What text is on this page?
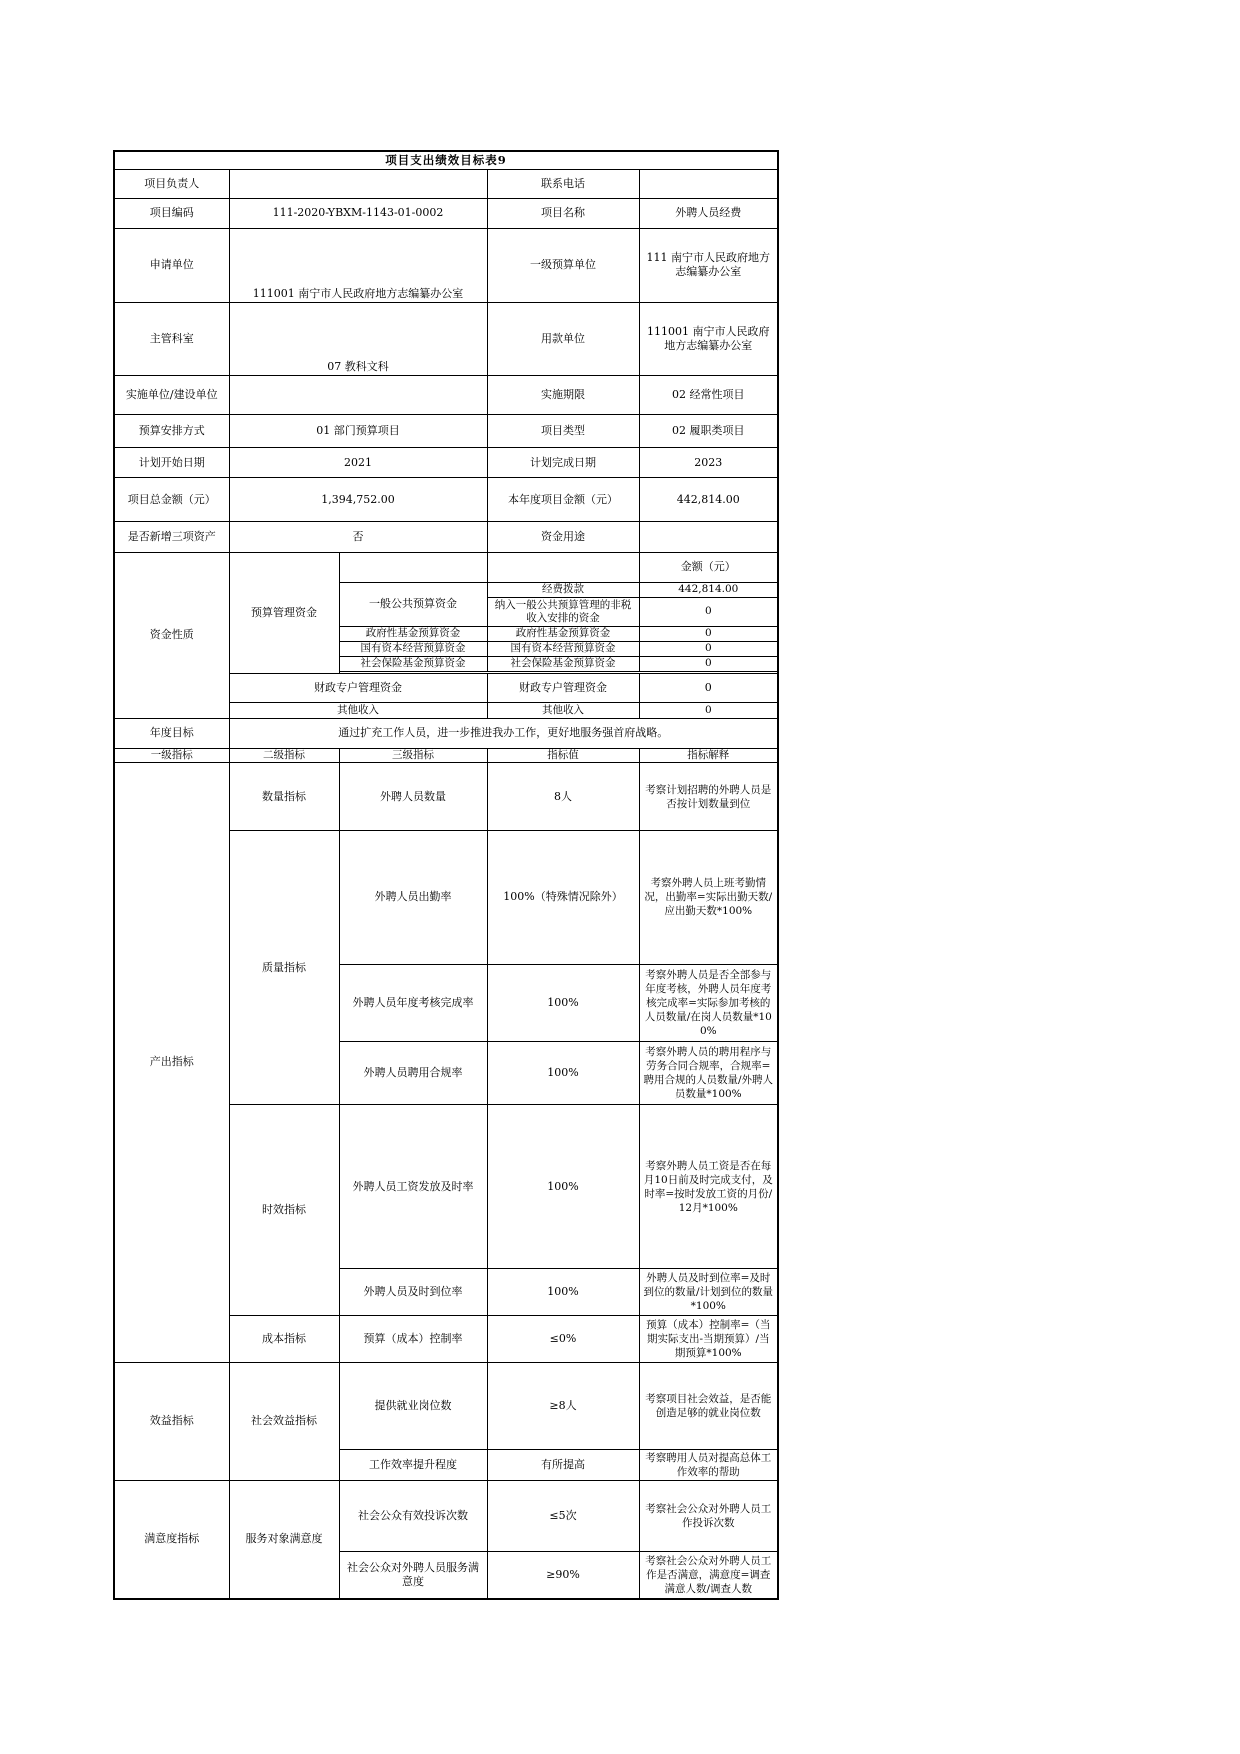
项目支出绩效目标表9				
项目负责人			联系电话	
项目编码	111-2020-YBXM-1143-01-0002		项目名称	外聘人员经费
申请单位	111001 南宁市人民政府地方志编纂办公室		一级预算单位	111 南宁市人民政府地方志编纂办公室
主管科室	07 教科文科		用款单位	111001 南宁市人民政府地方志编纂办公室
实施单位/建设单位			实施期限	02 经常性项目
预算安排方式	01 部门预算项目		项目类型	02 履职类项目
计划开始日期	2021		计划完成日期	2023
项目总金额（元）	1,394,752.00		本年度项目金额（元）	442,814.00
是否新增三项资产	否		资金用途	
资金性质	预算管理资金			金额（元）
		一般公共预算资金	经费拨款	442,814.00
			纳入一般公共预算管理的非税收入安排的资金	0
		政府性基金预算资金	政府性基金预算资金	0
		国有资本经营预算资金	国有资本经营预算资金	0
		社会保险基金预算资金	社会保险基金预算资金	0

	财政专户管理资金		财政专户管理资金	0
	其他收入		其他收入	0
年度目标	通过扩充工作人员，进一步推进我办工作，更好地服务强首府战略。			
一级指标	二级指标	三级指标	指标值	指标解释
产出指标	数量指标	外聘人员数量	8人	考察计划招聘的外聘人员是否按计划数量到位
	质量指标	外聘人员出勤率	100%（特殊情况除外）	考察外聘人员上班考勤情况，出勤率=实际出勤天数/应出勤天数*100%
		外聘人员年度考核完成率	100%	考察外聘人员是否全部参与年度考核，外聘人员年度考核完成率=实际参加考核的人员数量/在岗人员数量*100%
		外聘人员聘用合规率	100%	考察外聘人员的聘用程序与劳务合同合规率，合规率=聘用合规的人员数量/外聘人员数量*100%
	时效指标	外聘人员工资发放及时率	100%	考察外聘人员工资是否在每月10日前及时完成支付，及时率=按时发放工资的月份/12月*100%
		外聘人员及时到位率	100%	外聘人员及时到位率=及时到位的数量/计划到位的数量*100%
	成本指标	预算（成本）控制率	≤0%	预算（成本）控制率=（当期实际支出-当期预算）/当期预算*100%
效益指标	社会效益指标	提供就业岗位数	≥8人	考察项目社会效益，是否能创造足够的就业岗位数
		工作效率提升程度	有所提高	考察聘用人员对提高总体工作效率的帮助
满意度指标	服务对象满意度	社会公众有效投诉次数	≤5次	考察社会公众对外聘人员工作投诉次数
		社会公众对外聘人员服务满意度	≥90%	考察社会公众对外聘人员工作是否满意，满意度=调查满意人数/调查人数
